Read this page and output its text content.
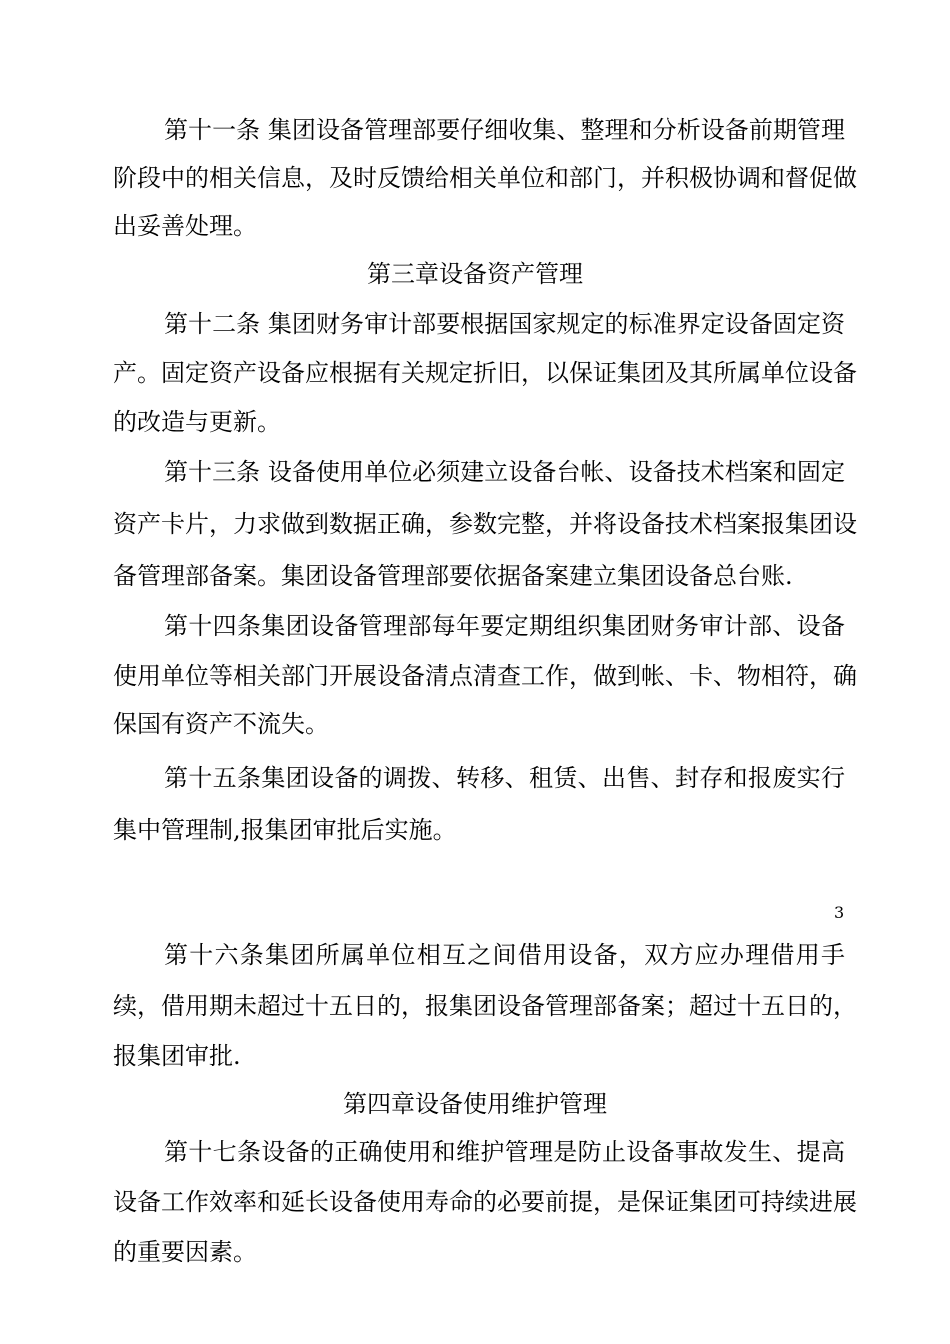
第十一条 集团设备管理部要仔细收集、整理和分析设备前期管理
阶段中的相关信息，及时反馈给相关单位和部门，并积极协调和督促做
出妥善处理。
第三章设备资产管理
第十二条 集团财务审计部要根据国家规定的标准界定设备固定资
产。固定资产设备应根据有关规定折旧，以保证集团及其所属单位设备
的改造与更新。
第十三条 设备使用单位必须建立设备台帐、设备技术档案和固定
资产卡片，力求做到数据正确，参数完整，并将设备技术档案报集团设
备管理部备案。集团设备管理部要依据备案建立集团设备总台账.
第十四条集团设备管理部每年要定期组织集团财务审计部、设备
使用单位等相关部门开展设备清点清查工作，做到帐、卡、物相符，确
保国有资产不流失。
第十五条集团设备的调拨、转移、租赁、出售、封存和报废实行
集中管理制,报集团审批后实施。
3
第十六条集团所属单位相互之间借用设备，双方应办理借用手
续，借用期未超过十五日的，报集团设备管理部备案；超过十五日的，
报集团审批.
第四章设备使用维护管理
第十七条设备的正确使用和维护管理是防止设备事故发生、提高
设备工作效率和延长设备使用寿命的必要前提，是保证集团可持续进展
的重要因素。
